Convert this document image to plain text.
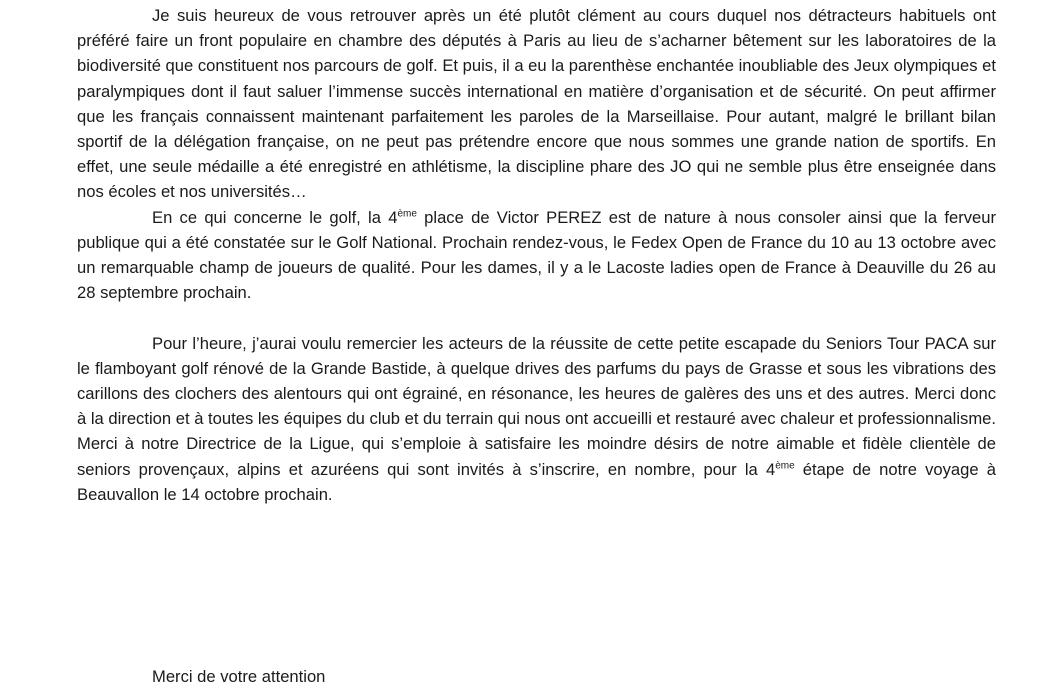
Je suis heureux de vous retrouver après un été plutôt clément au cours duquel nos détracteurs habituels ont préféré faire un front populaire en chambre des députés à Paris au lieu de s’acharner bêtement sur les laboratoires de la biodiversité que constituent nos parcours de golf. Et puis, il a eu la parenthèse enchantée inoubliable des Jeux olympiques et paralympiques dont il faut saluer l’immense succès international en matière d’organisation et de sécurité. On peut affirmer que les français connaissent maintenant parfaitement les paroles de la Marseillaise. Pour autant, malgré le brillant bilan sportif de la délégation française, on ne peut pas prétendre encore que nous sommes une grande nation de sportifs. En effet, une seule médaille a été enregistré en athlétisme, la discipline phare des JO qui ne semble plus être enseignée dans nos écoles et nos universités…

En ce qui concerne le golf, la 4ème place de Victor PEREZ est de nature à nous consoler ainsi que la ferveur publique qui a été constatée sur le Golf National. Prochain rendez-vous, le Fedex Open de France du 10 au 13 octobre avec un remarquable champ de joueurs de qualité. Pour les dames, il y a le Lacoste ladies open de France à Deauville du 26 au 28 septembre prochain.

Pour l’heure, j’aurai voulu remercier les acteurs de la réussite de cette petite escapade du Seniors Tour PACA sur le flamboyant golf rénové de la Grande Bastide, à quelque drives des parfums du pays de Grasse et sous les vibrations des carillons des clochers des alentours qui ont égrainé, en résonance, les heures de galères des uns et des autres. Merci donc à la direction et à toutes les équipes du club et du terrain qui nous ont accueilli et restauré avec chaleur et professionnalisme. Merci à notre Directrice de la Ligue, qui s’emploie à satisfaire les moindre désirs de notre aimable et fidèle clientèle de seniors provençaux, alpins et azuréens qui sont invités à s’inscrire, en nombre, pour la 4ème étape de notre voyage à Beauvallon le 14 octobre prochain.

Merci de votre attention
